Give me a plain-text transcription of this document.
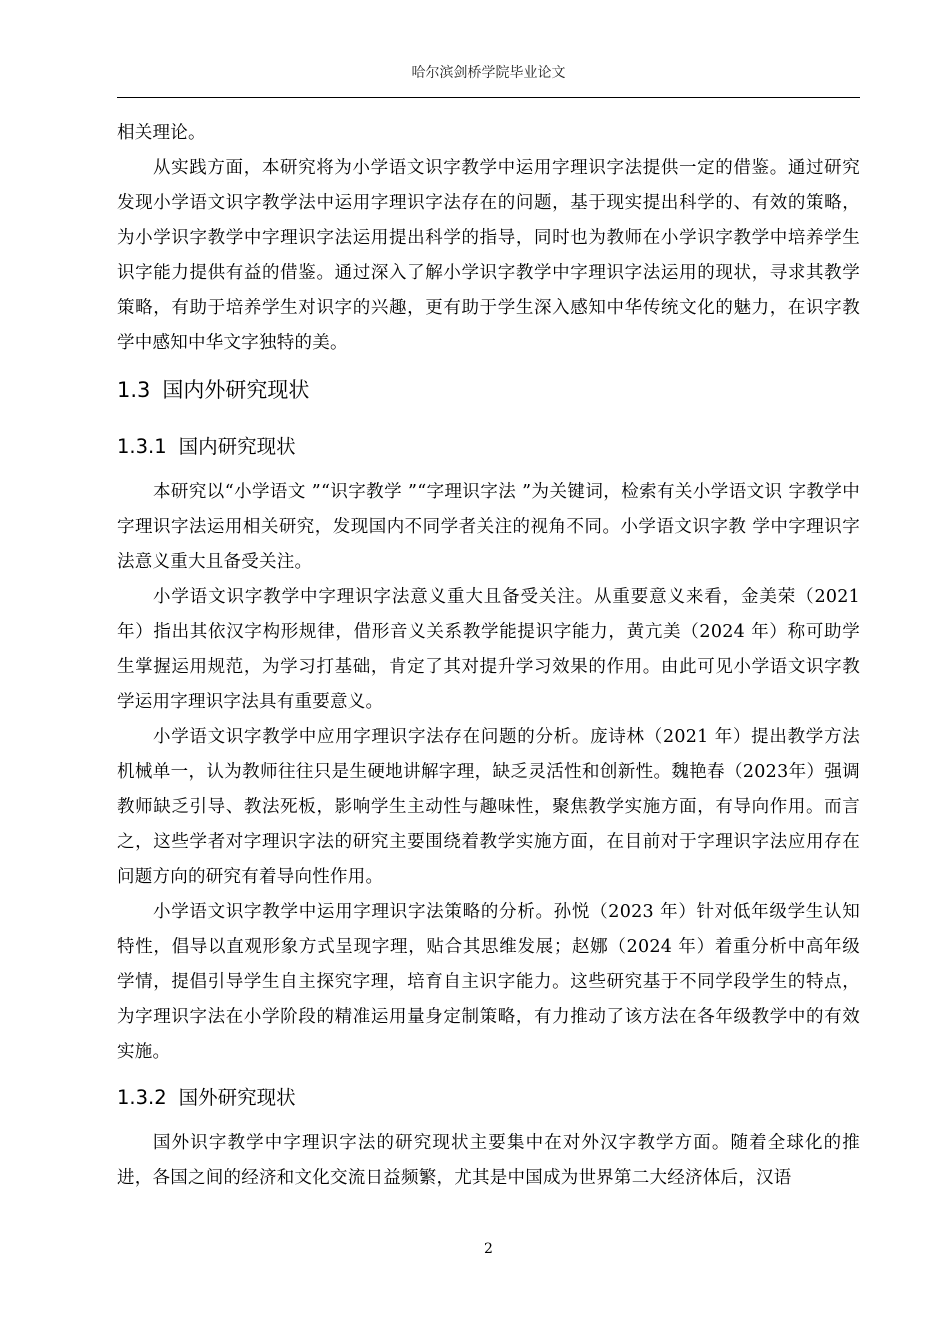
哈尔滨剑桥学院毕业论文

相关理论。

从实践方面，本研究将为小学语文识字教学中运用字理识字法提供一定的借鉴。通过研究发现小学语文识字教学法中运用字理识字法存在的问题，基于现实提出科学的、有效的策略，为小学识字教学中字理识字法运用提出科学的指导，同时也为教师在小学识字教学中培养学生识字能力提供有益的借鉴。通过深入了解小学识字教学中字理识字法运用的现状，寻求其教学策略，有助于培养学生对识字的兴趣，更有助于学生深入感知中华传统文化的魅力，在识字教学中感知中华文字独特的美。

1.3 国内外研究现状
1.3.1 国内研究现状

本研究以“小学语文 ”“识字教学 ”“字理识字法 ”为关键词，检索有关小学语文识 字教学中字理识字法运用相关研究，发现国内不同学者关注的视角不同。小学语文识字教 学中字理识字法意义重大且备受关注。

小学语文识字教学中字理识字法意义重大且备受关注。从重要意义来看，金美荣（2021年）指出其依汉字构形规律，借形音义关系教学能提识字能力，黄亢美（2024 年）称可助学生掌握运用规范，为学习打基础，肯定了其对提升学习效果的作用。由此可见小学语文识字教学运用字理识字法具有重要意义。

小学语文识字教学中应用字理识字法存在问题的分析。庞诗林（2021 年）提出教学方法机械单一，认为教师往往只是生硬地讲解字理，缺乏灵活性和创新性。魏艳春（2023年）强调教师缺乏引导、教法死板，影响学生主动性与趣味性，聚焦教学实施方面，有导向作用。而言之，这些学者对字理识字法的研究主要围绕着教学实施方面，在目前对于字理识字法应用存在问题方向的研究有着导向性作用。

小学语文识字教学中运用字理识字法策略的分析。孙悦（2023 年）针对低年级学生认知特性，倡导以直观形象方式呈现字理，贴合其思维发展；赵娜（2024 年）着重分析中高年级学情，提倡引导学生自主探究字理，培育自主识字能力。这些研究基于不同学段学生的特点，为字理识字法在小学阶段的精准运用量身定制策略，有力推动了该方法在各年级教学中的有效实施。

1.3.2 国外研究现状

国外识字教学中字理识字法的研究现状主要集中在对外汉字教学方面。随着全球化的推进，各国之间的经济和文化交流日益频繁，尤其是中国成为世界第二大经济体后，汉语

2
